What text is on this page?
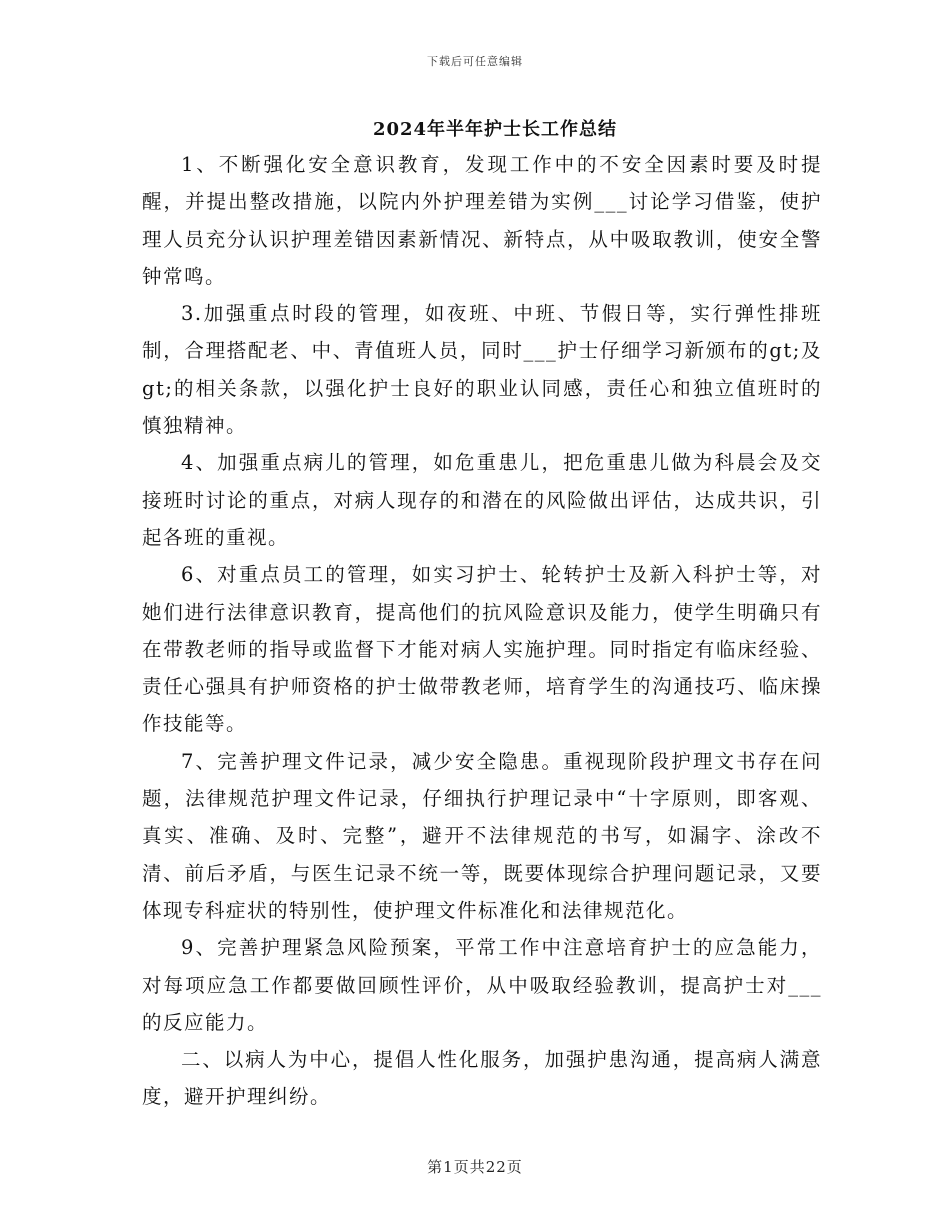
下载后可任意编辑
2024年半年护士长工作总结

1、不断强化安全意识教育，发现工作中的不安全因素时要及时提醒，并提出整改措施，以院内外护理差错为实例___讨论学习借鉴，使护理人员充分认识护理差错因素新情况、新特点，从中吸取教训，使安全警钟常鸣。

3.加强重点时段的管理，如夜班、中班、节假日等，实行弹性排班制，合理搭配老、中、青值班人员，同时___护士仔细学习新颁布的gt;及gt;的相关条款，以强化护士良好的职业认同感，责任心和独立值班时的慎独精神。

4、加强重点病儿的管理，如危重患儿，把危重患儿做为科晨会及交接班时讨论的重点，对病人现存的和潜在的风险做出评估，达成共识，引起各班的重视。

6、对重点员工的管理，如实习护士、轮转护士及新入科护士等，对她们进行法律意识教育，提高他们的抗风险意识及能力，使学生明确只有在带教老师的指导或监督下才能对病人实施护理。同时指定有临床经验、责任心强具有护师资格的护士做带教老师，培育学生的沟通技巧、临床操作技能等。

7、完善护理文件记录，减少安全隐患。重视现阶段护理文书存在问题，法律规范护理文件记录，仔细执行护理记录中“十字原则，即客观、真实、准确、及时、完整”，避开不法律规范的书写，如漏字、涂改不清、前后矛盾，与医生记录不统一等，既要体现综合护理问题记录，又要体现专科症状的特别性，使护理文件标准化和法律规范化。

9、完善护理紧急风险预案，平常工作中注意培育护士的应急能力，对每项应急工作都要做回顾性评价，从中吸取经验教训，提高护士对___的反应能力。

二、以病人为中心，提倡人性化服务，加强护患沟通，提高病人满意度，避开护理纠纷。

第1页共22页
